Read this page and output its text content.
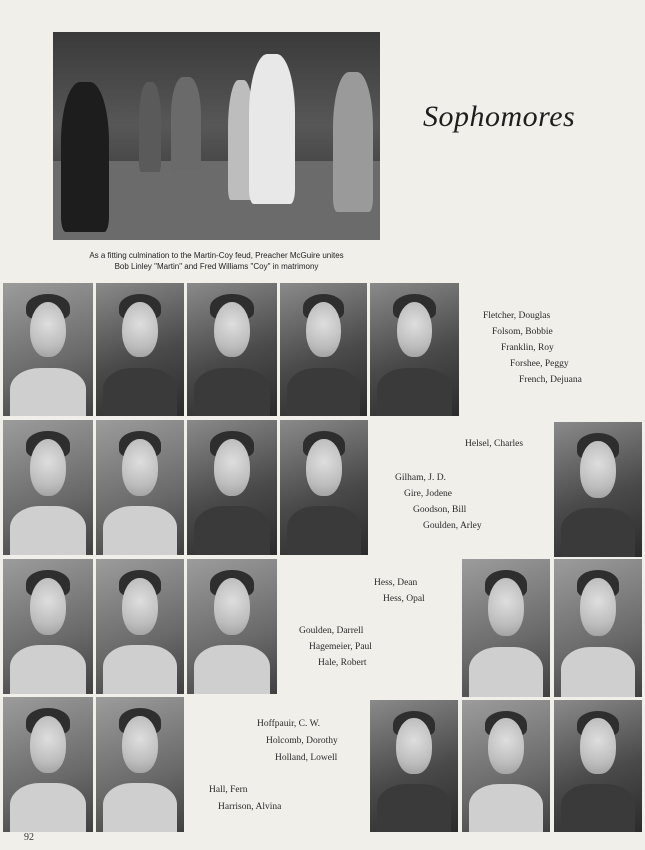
As a fitting culmination to the Martin-Coy feud, Preacher McGuire unites
Bob Linley "Martin" and Fred Williams "Coy" in matrimony
Sophomores
Fletcher, Douglas
Folsom, Bobbie
Franklin, Roy
Forshee, Peggy
French, Dejuana
Helsel, Charles
Gilham, J. D.
Gire, Jodene
Goodson, Bill
Goulden, Arley
Hess, Dean
Hess, Opal
Goulden, Darrell
Hagemeier, Paul
Hale, Robert
Hoffpauir, C. W.
Holcomb, Dorothy
Holland, Lowell
Hall, Fern
Harrison, Alvina
92
